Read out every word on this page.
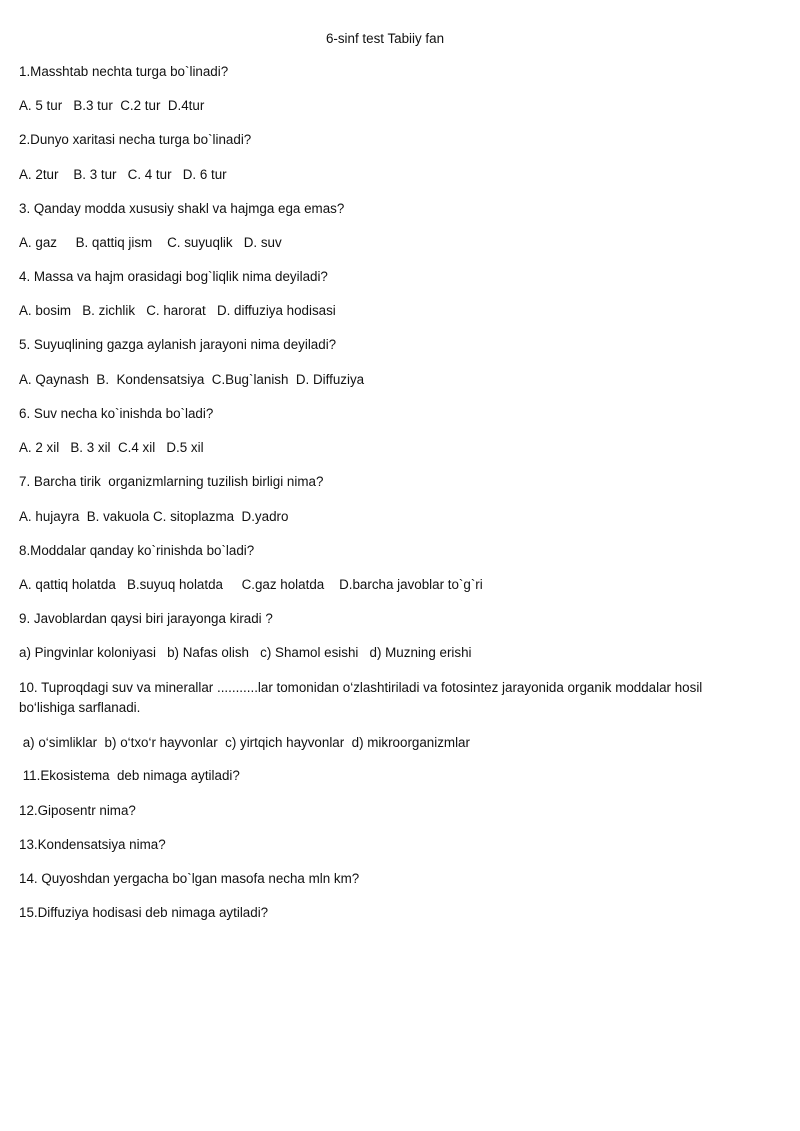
6-sinf test Tabiiy fan
1.Masshtab nechta turga bo`linadi?
A. 5 tur   B.3 tur  C.2 tur  D.4tur
2.Dunyo xaritasi necha turga bo`linadi?
A. 2tur    B. 3 tur   C. 4 tur   D. 6 tur
3. Qanday modda xususiy shakl va hajmga ega emas?
A. gaz     B. qattiq jism    C. suyuqlik   D. suv
4. Massa va hajm orasidagi bog`liqlik nima deyiladi?
A. bosim   B. zichlik   C. harorat   D. diffuziya hodisasi
5. Suyuqlining gazga aylanish jarayoni nima deyiladi?
A. Qaynash  B.  Kondensatsiya  C.Bug`lanish  D. Diffuziya
6. Suv necha ko`inishda bo`ladi?
A. 2 xil   B. 3 xil  C.4 xil   D.5 xil
7. Barcha tirik  organizmlarning tuzilish birligi nima?
A. hujayra  B. vakuola C. sitoplazma  D.yadro
8.Moddalar qanday ko`rinishda bo`ladi?
A. qattiq holatda   B.suyuq holatda     C.gaz holatda    D.barcha javoblar to`g`ri
9. Javoblardan qaysi biri jarayonga kiradi ?
a) Pingvinlar koloniyasi   b) Nafas olish   c) Shamol esishi   d) Muzning erishi
10. Tuproqdagi suv va minerallar ...........lar tomonidan o‘zlashtiriladi va fotosintez jarayonida organik moddalar hosil bo‘lishiga sarflanadi.
a) o‘simliklar  b) o‘txo‘r hayvonlar  c) yirtqich hayvonlar  d) mikroorganizmlar
11.Ekosistema  deb nimaga aytiladi?
12.Giposentr nima?
13.Kondensatsiya nima?
14. Quyoshdan yergacha bo`lgan masofa necha mln km?
15.Diffuziya hodisasi deb nimaga aytiladi?
